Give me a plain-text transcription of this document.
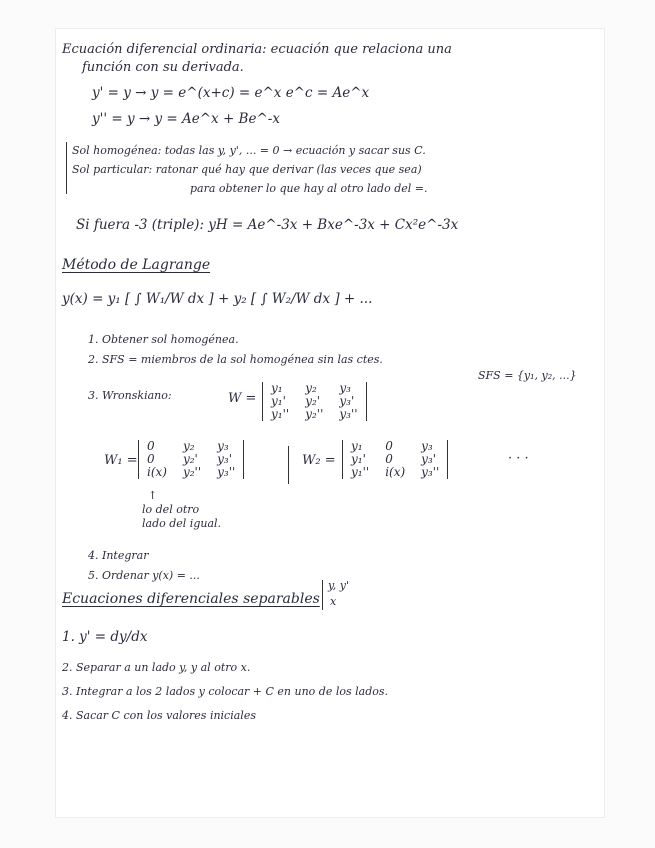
Ecuación diferencial ordinaria: ecuación que relaciona una
función con su derivada.
y' = y → y = e^(x+c) = e^x e^c = Ae^x
y'' = y → y = Ae^x + Be^-x
Sol homogénea: todas las y, y', ... = 0 → ecuación y sacar sus C.
Sol particular: ratonar qué hay que derivar (las veces que sea)
para obtener lo que hay al otro lado del =.
Si fuera -3 (triple): yH = Ae^-3x + Bxe^-3x + Cx²e^-3x
Método de Lagrange
y(x) = y₁ [ ∫ W₁/W dx ] + y₂ [ ∫ W₂/W dx ] + ...
1. Obtener sol homogénea.
2. SFS = miembros de la sol homogénea sin las ctes.
SFS = {y₁, y₂, ...}
3. Wronskiano:	W =
y₁	y₂	y₃
y₁'	y₂'	y₃'
y₁''	y₂''	y₃''
W₁ =
0	y₂	y₃
0	y₂'	y₃'
i(x)	y₂''	y₃''
W₂ =
y₁	0	y₃
y₁'	0	y₃'
y₁''	i(x)	y₃''
· · ·
↑
lo del otro
lado del igual.
4. Integrar
5. Ordenar y(x) = ...
Ecuaciones diferenciales separables
y, y'
x
1. y' = dy/dx
2. Separar a un lado y, y al otro x.
3. Integrar a los 2 lados y colocar + C en uno de los lados.
4. Sacar C con los valores iniciales
